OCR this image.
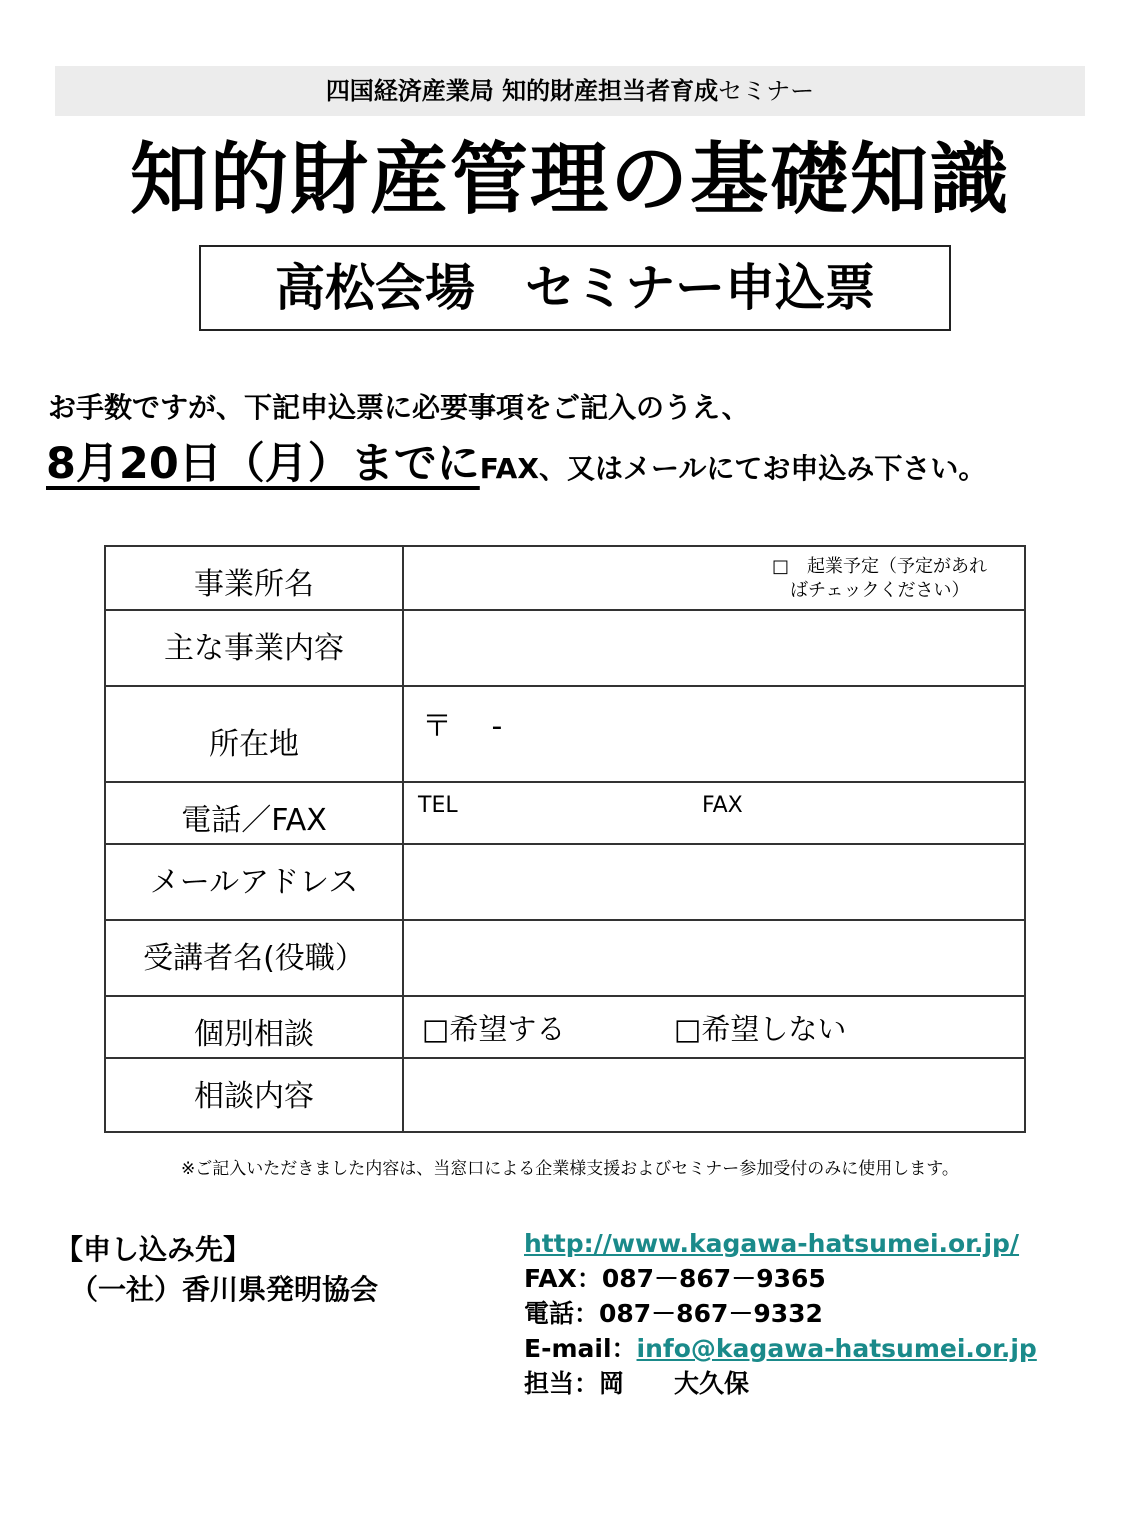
四国経済産業局 知的財産担当者育成セミナー
知的財産管理の基礎知識
高松会場　セミナー申込票
お手数ですが、下記申込票に必要事項をご記入のうえ、
8月20日（月）までにFAX、又はメールにてお申込み下さい。
事業所名	□　起業予定（予定があれ
　ばチェックください）

主な事業内容	

所在地	〒　 -

電話／FAX	TEL FAX

メールアドレス	

受講者名(役職）	

個別相談	□希望する □希望しない

相談内容	

※ご記入いただきました内容は、当窓口による企業様支援およびセミナー参加受付のみに使用します。
【申し込み先】
（一社）香川県発明協会
http://www.kagawa-hatsumei.or.jp/
FAX：087－867－9365
電話：087－867－9332
E-mail：info@kagawa-hatsumei.or.jp
担当：岡　　大久保
